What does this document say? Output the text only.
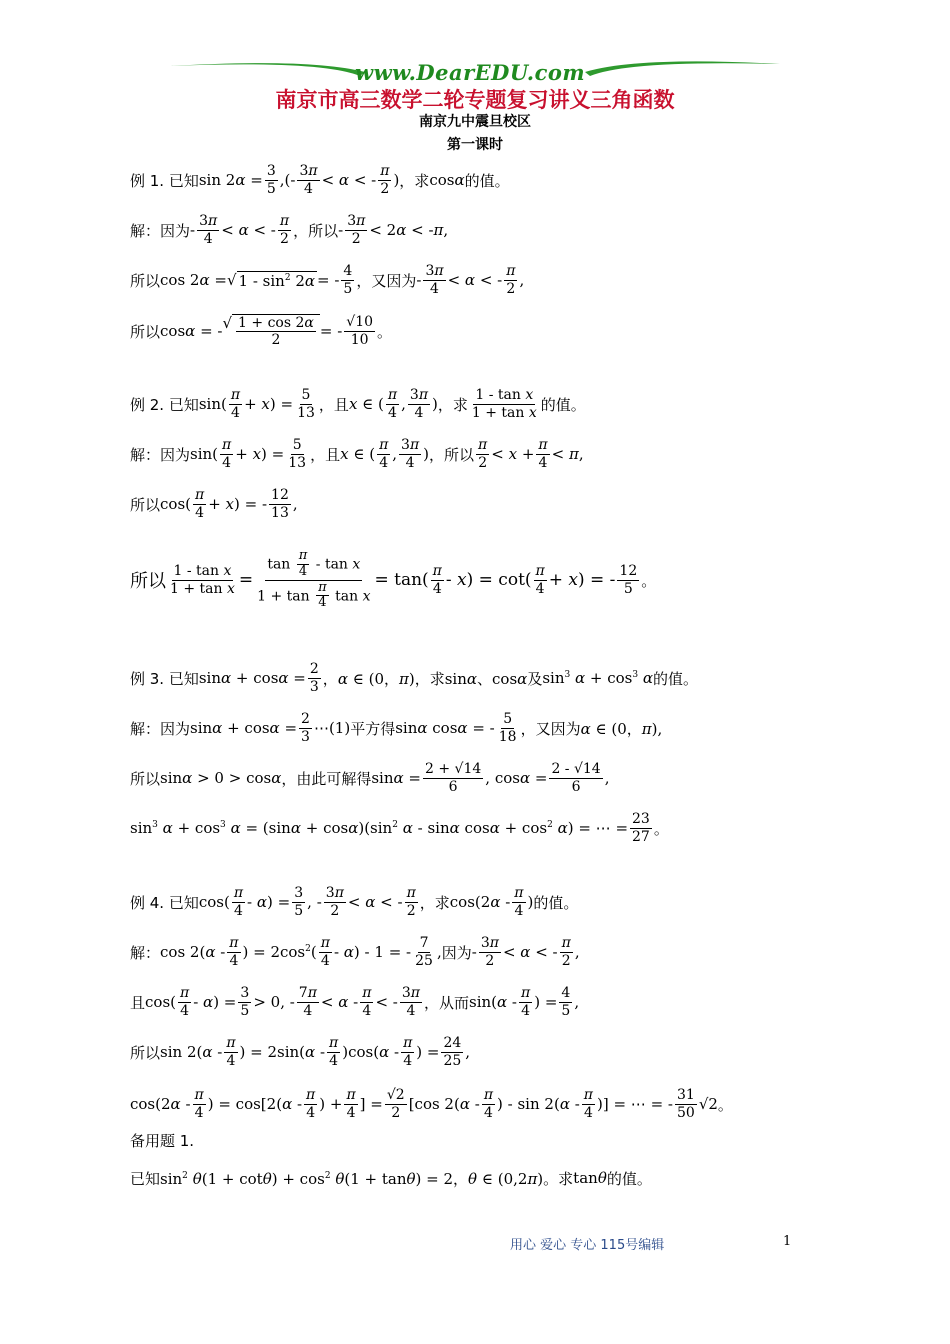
www.DearEDU.com
南京市高三数学二轮专题复习讲义三角函数
南京九中震旦校区
第一课时
例 1. 已知 $\sin 2\alpha = \frac{3}{5}$ ,(- $\frac{3\pi}{4} < \alpha$ < - $\frac{\pi}{2}$ ) ，求 cosα 的值。
解：因为 - $\frac{3\pi}{4} < \alpha$ < - $\frac{\pi}{2}$ ，所以 - $\frac{3\pi}{2} < 2\alpha < -\pi$,
所以 cos 2α = √ $1 - \sin^2 2\alpha$ = - $\frac{4}{5}$ ，又因为 - $\frac{3\pi}{4} < \alpha$ < - $\frac{\pi}{2}$ ,
所以 cosα = - √ $\frac{1 + \cos 2\alpha}{2}$ = - $\frac{√10}{10}$ 。
例 2. 已知 $\sin( \frac{\pi}{4} + x) = \frac{5}{13}$ ，且 x ∈ ( $\frac{\pi}{4}$ , $\frac{3\pi}{4}$ ) ，求 $\frac{\text{1 - tan x}}{\text{1 + tan x}}$ 的值。
解：因为 $\sin( \frac{\pi}{4} + x) = \frac{5}{13}$ ，且 x ∈ ( $\frac{\pi}{4}$ , $\frac{3\pi}{4}$ ) ，所以 $\frac{\pi}{2} < x + \frac{\pi}{4} < \pi$,
所以 $\cos( \frac{\pi}{4} + x)$ = - $\frac{12}{13}$ ,
所以 $\frac{\text{1 - tan x}}{\text{1 + tan x}} = \frac{\tan \frac{\pi}{4} - \tan x}{1 + \tan \frac{\pi}{4} \tan x} = \tan( \frac{\pi}{4} - x) = \cot( \frac{\pi}{4} + x)$ = - $\frac{12}{5}$ 。
例 3. 已知 $\sin\alpha + \cos\alpha = \frac{2}{3}$ ，α ∈ (0，π) ，求 sinα、cosα 及 $\sin^3 \alpha + \cos^3 \alpha$ 的值。
解：因为 $\sin\alpha + \cos\alpha = \frac{2}{3}$ ⋯(1) 平方得 sinα cosα = - $\frac{5}{18}$ ，又因为 α ∈ (0，π),
所以 sinα > 0 > cosα ，由此可解得 $\sin\alpha = \frac{2 + √14}{6}$ , $\cos\alpha = \frac{2 - √14}{6}$ ,
$\sin^3 \alpha + \cos^3 \alpha = (\sin\alpha + \cos\alpha)(\sin^2$ α - sinα $\cos\alpha + \cos^2 \alpha$) = ⋯ = $\frac{23}{27}$ 。
例 4. 已知 $\cos( \frac{\pi}{4} - \alpha) = \frac{3}{5}$ , - $\frac{3\pi}{2} < \alpha$ < - $\frac{\pi}{2}$ ，求 $\cos(2\alpha - \frac{\pi}{4}$ ) 的值。
解： $\cos 2(\alpha - \frac{\pi}{4}$ ) = $2\cos^2( \frac{\pi}{4} - \alpha) - 1$ = - $\frac{7}{25}$ , 因为 - $\frac{3\pi}{2} < \alpha$ < - $\frac{\pi}{2}$ ,
且 $\cos( \frac{\pi}{4} - \alpha) = \frac{3}{5} > 0$, - $\frac{7\pi}{4} < \alpha - \frac{\pi}{4}$ < - $\frac{3\pi}{4}$ ，从而 $\sin(\alpha - \frac{\pi}{4}$ ) = $\frac{4}{5}$ ,
所以 $\sin 2(\alpha - \frac{\pi}{4}$ ) = $2\sin(\alpha - \frac{\pi}{4} )\cos(\alpha - \frac{\pi}{4}$ ) = $\frac{24}{25}$ ,
$\cos(2\alpha - \frac{\pi}{4}$ ) = $\cos[2(\alpha - \frac{\pi}{4}$ ) + $\frac{\pi}{4}$ ] = $\frac{√2}{2} [\cos$ $2(\alpha - \frac{\pi}{4}$ ) - $\sin 2(\alpha - \frac{\pi}{4}$ )] = ⋯ = - $\frac{31}{50} √2$ 。
备用题 1.
已知 $\sin^2 \theta(1 + \cot\theta) + \cos^2 \theta(1 + \tan\theta) = 2$，θ ∈ (0,2π) 。求 tanθ 的值。
用心 爱心 专心 115号编辑	1
